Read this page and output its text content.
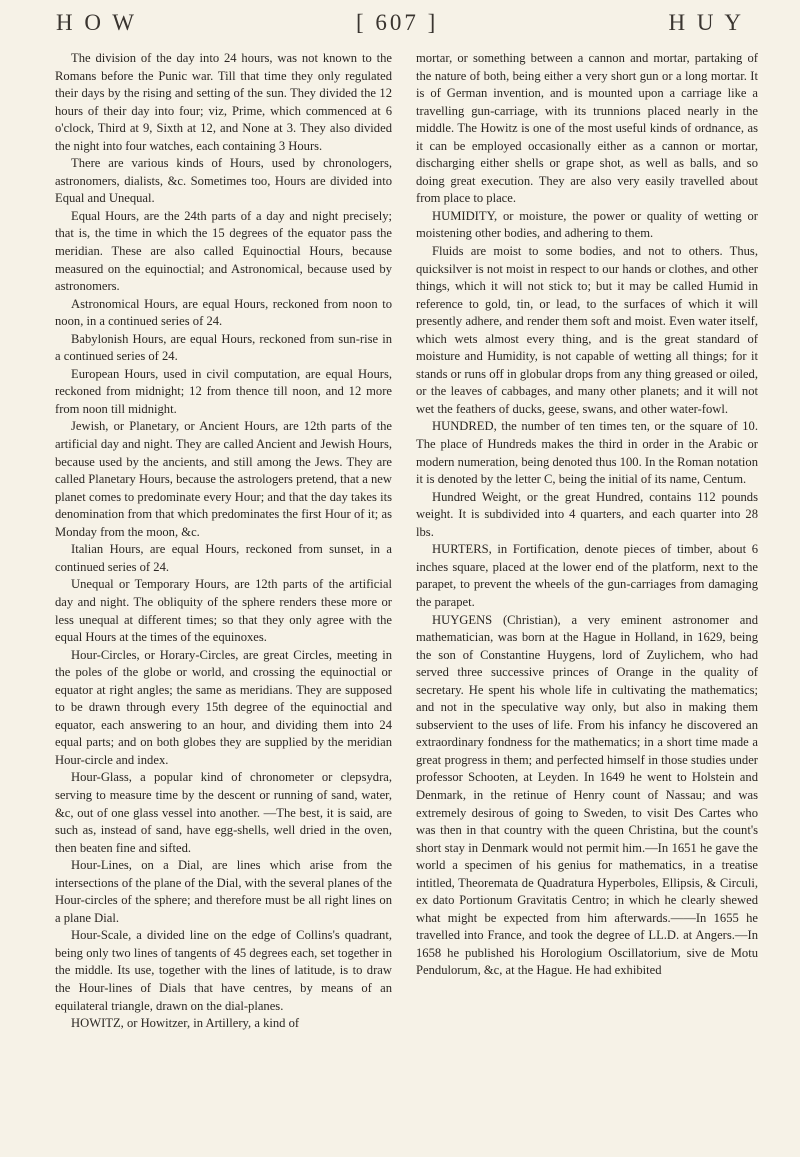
H O W	[ 607 ]	H U Y

The division of the day into 24 hours, was not known to the Romans before the Punic war. Till that time they only regulated their days by the rising and setting of the sun. They divided the 12 hours of their day into four; viz, Prime, which commenced at 6 o'clock, Third at 9, Sixth at 12, and None at 3. They also divided the night into four watches, each containing 3 Hours.

There are various kinds of Hours, used by chronologers, astronomers, dialists, &c. Sometimes too, Hours are divided into Equal and Unequal.

Equal Hours, are the 24th parts of a day and night precisely; that is, the time in which the 15 degrees of the equator pass the meridian. These are also called Equinoctial Hours, because measured on the equinoctial; and Astronomical, because used by astronomers.

Astronomical Hours, are equal Hours, reckoned from noon to noon, in a continued series of 24.

Babylonish Hours, are equal Hours, reckoned from sun-rise in a continued series of 24.

European Hours, used in civil computation, are equal Hours, reckoned from midnight; 12 from thence till noon, and 12 more from noon till midnight.

Jewish, or Planetary, or Ancient Hours, are 12th parts of the artificial day and night. They are called Ancient and Jewish Hours, because used by the ancients, and still among the Jews. They are called Planetary Hours, because the astrologers pretend, that a new planet comes to predominate every Hour; and that the day takes its denomination from that which predominates the first Hour of it; as Monday from the moon, &c.

Italian Hours, are equal Hours, reckoned from sunset, in a continued series of 24.

Unequal or Temporary Hours, are 12th parts of the artificial day and night. The obliquity of the sphere renders these more or less unequal at different times; so that they only agree with the equal Hours at the times of the equinoxes.

Hour-Circles, or Horary-Circles, are great Circles, meeting in the poles of the globe or world, and crossing the equinoctial or equator at right angles; the same as meridians. They are supposed to be drawn through every 15th degree of the equinoctial and equator, each answering to an hour, and dividing them into 24 equal parts; and on both globes they are supplied by the meridian Hour-circle and index.

Hour-Glass, a popular kind of chronometer or clepsydra, serving to measure time by the descent or running of sand, water, &c, out of one glass vessel into another. —The best, it is said, are such as, instead of sand, have egg-shells, well dried in the oven, then beaten fine and sifted.

Hour-Lines, on a Dial, are lines which arise from the intersections of the plane of the Dial, with the several planes of the Hour-circles of the sphere; and therefore must be all right lines on a plane Dial.

Hour-Scale, a divided line on the edge of Collins's quadrant, being only two lines of tangents of 45 degrees each, set together in the middle. Its use, together with the lines of latitude, is to draw the Hour-lines of Dials that have centres, by means of an equilateral triangle, drawn on the dial-planes.

HOWITZ, or Howitzer, in Artillery, a kind of

mortar, or something between a cannon and mortar, partaking of the nature of both, being either a very short gun or a long mortar. It is of German invention, and is mounted upon a carriage like a travelling gun-carriage, with its trunnions placed nearly in the middle. The Howitz is one of the most useful kinds of ordnance, as it can be employed occasionally either as a cannon or mortar, discharging either shells or grape shot, as well as balls, and so doing great execution. They are also very easily travelled about from place to place.

HUMIDITY, or moisture, the power or quality of wetting or moistening other bodies, and adhering to them.

Fluids are moist to some bodies, and not to others. Thus, quicksilver is not moist in respect to our hands or clothes, and other things, which it will not stick to; but it may be called Humid in reference to gold, tin, or lead, to the surfaces of which it will presently adhere, and render them soft and moist. Even water itself, which wets almost every thing, and is the great standard of moisture and Humidity, is not capable of wetting all things; for it stands or runs off in globular drops from any thing greased or oiled, or the leaves of cabbages, and many other planets; and it will not wet the feathers of ducks, geese, swans, and other water-fowl.

HUNDRED, the number of ten times ten, or the square of 10. The place of Hundreds makes the third in order in the Arabic or modern numeration, being denoted thus 100. In the Roman notation it is denoted by the letter C, being the initial of its name, Centum.

Hundred Weight, or the great Hundred, contains 112 pounds weight. It is subdivided into 4 quarters, and each quarter into 28 lbs.

HURTERS, in Fortification, denote pieces of timber, about 6 inches square, placed at the lower end of the platform, next to the parapet, to prevent the wheels of the gun-carriages from damaging the parapet.

HUYGENS (Christian), a very eminent astronomer and mathematician, was born at the Hague in Holland, in 1629, being the son of Constantine Huygens, lord of Zuylichem, who had served three successive princes of Orange in the quality of secretary. He spent his whole life in cultivating the mathematics; and not in the speculative way only, but also in making them subservient to the uses of life. From his infancy he discovered an extraordinary fondness for the mathematics; in a short time made a great progress in them; and perfected himself in those studies under professor Schooten, at Leyden. In 1649 he went to Holstein and Denmark, in the retinue of Henry count of Nassau; and was extremely desirous of going to Sweden, to visit Des Cartes who was then in that country with the queen Christina, but the count's short stay in Denmark would not permit him.—In 1651 he gave the world a specimen of his genius for mathematics, in a treatise intitled, Theoremata de Quadratura Hyperboles, Ellipsis, & Circuli, ex dato Portionum Gravitatis Centro; in which he clearly shewed what might be expected from him afterwards.——In 1655 he travelled into France, and took the degree of LL.D. at Angers.—In 1658 he published his Horologium Oscillatorium, sive de Motu Pendulorum, &c, at the Hague. He had exhibited
